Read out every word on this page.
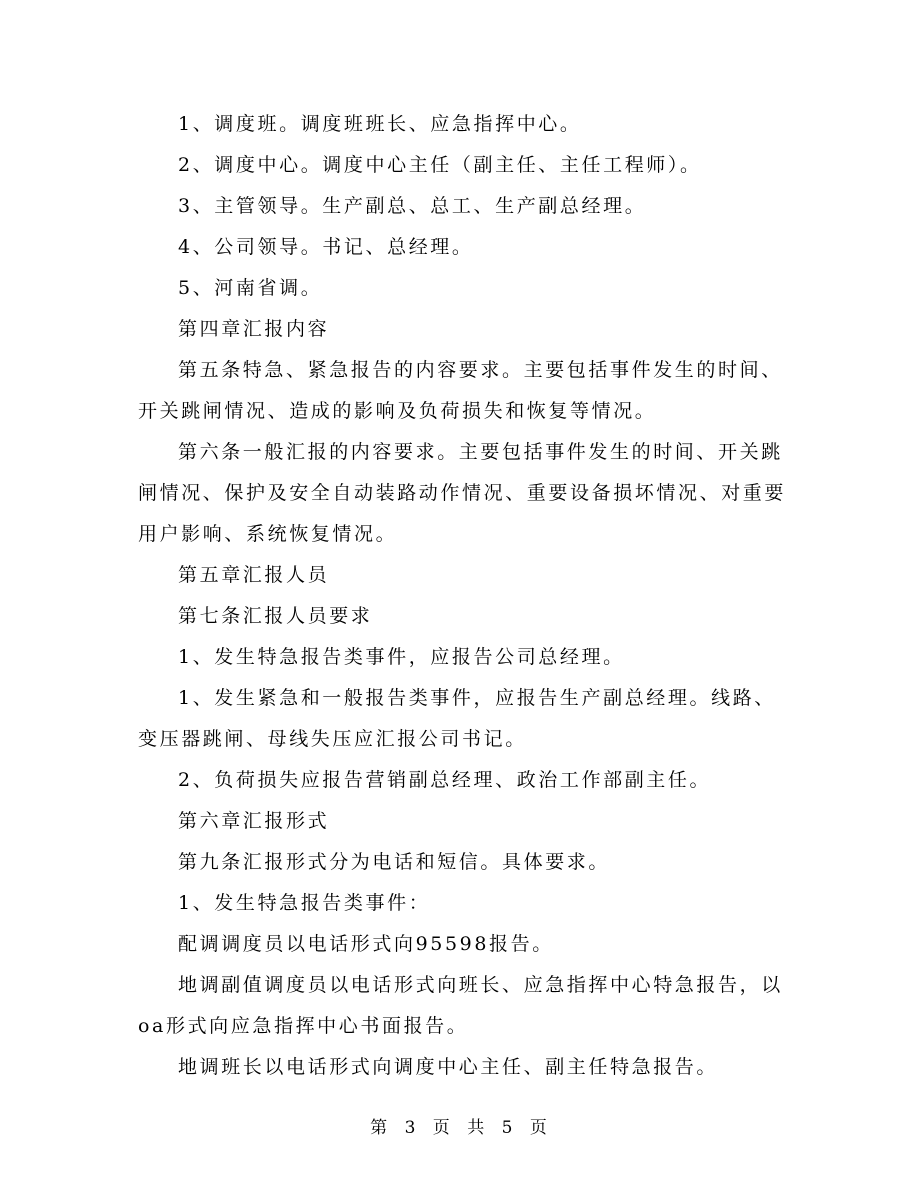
1、调度班。调度班班长、应急指挥中心。

2、调度中心。调度中心主任（副主任、主任工程师）。

3、主管领导。生产副总、总工、生产副总经理。

4、公司领导。书记、总经理。

5、河南省调。

第四章汇报内容

第五条特急、紧急报告的内容要求。主要包括事件发生的时间、开关跳闸情况、造成的影响及负荷损失和恢复等情况。

第六条一般汇报的内容要求。主要包括事件发生的时间、开关跳闸情况、保护及安全自动装路动作情况、重要设备损坏情况、对重要用户影响、系统恢复情况。

第五章汇报人员

第七条汇报人员要求

1、发生特急报告类事件，应报告公司总经理。

1、发生紧急和一般报告类事件，应报告生产副总经理。线路、变压器跳闸、母线失压应汇报公司书记。

2、负荷损失应报告营销副总经理、政治工作部副主任。

第六章汇报形式

第九条汇报形式分为电话和短信。具体要求。

1、发生特急报告类事件：

配调调度员以电话形式向95598报告。

地调副值调度员以电话形式向班长、应急指挥中心特急报告，以oa形式向应急指挥中心书面报告。

地调班长以电话形式向调度中心主任、副主任特急报告。

第 3 页 共 5 页
